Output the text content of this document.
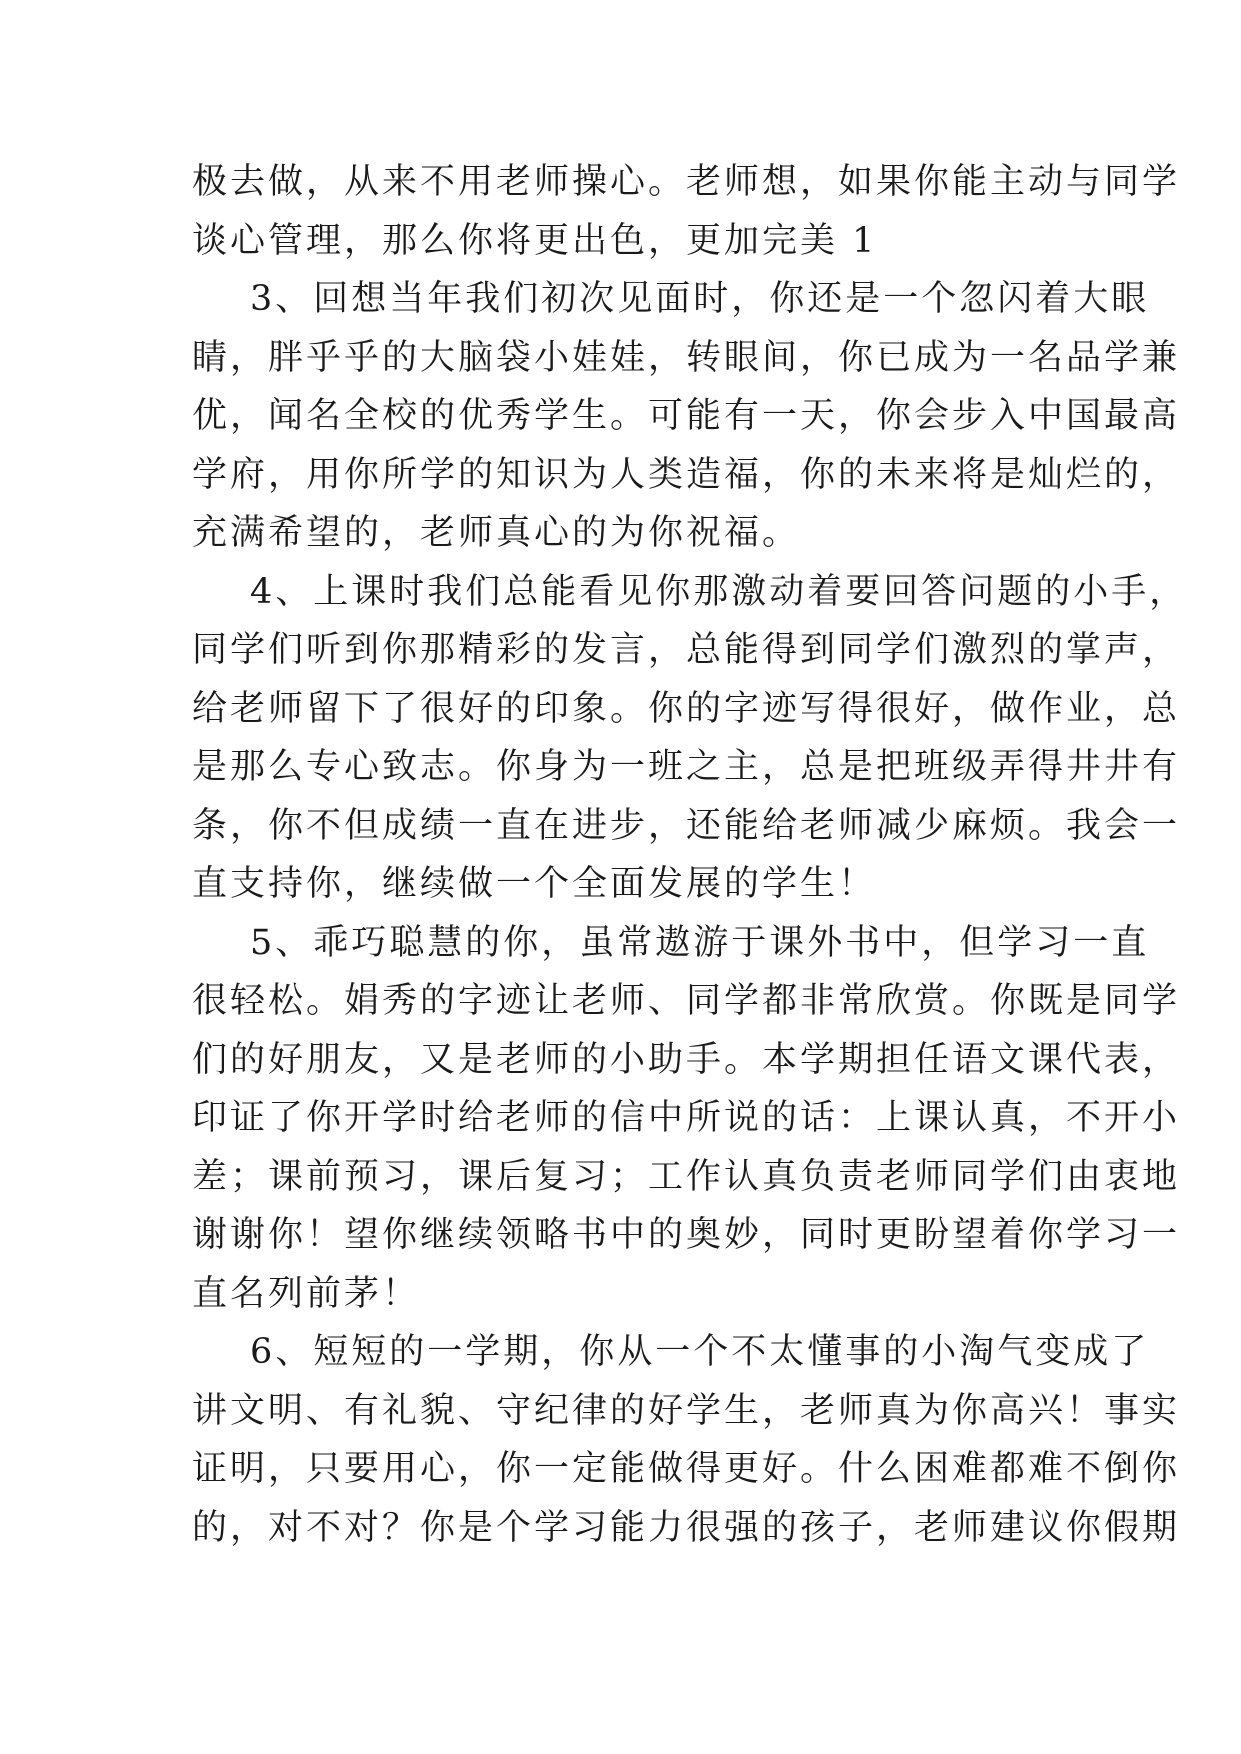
极去做，从来不用老师操心。老师想，如果你能主动与同学
谈心管理，那么你将更出色，更加完美 1
3、回想当年我们初次见面时，你还是一个忽闪着大眼
睛，胖乎乎的大脑袋小娃娃，转眼间，你已成为一名品学兼
优，闻名全校的优秀学生。可能有一天，你会步入中国最高
学府，用你所学的知识为人类造福，你的未来将是灿烂的，
充满希望的，老师真心的为你祝福。
4、上课时我们总能看见你那激动着要回答问题的小手，
同学们听到你那精彩的发言，总能得到同学们激烈的掌声，
给老师留下了很好的印象。你的字迹写得很好，做作业，总
是那么专心致志。你身为一班之主，总是把班级弄得井井有
条，你不但成绩一直在进步，还能给老师减少麻烦。我会一
直支持你，继续做一个全面发展的学生！
5、乖巧聪慧的你，虽常遨游于课外书中，但学习一直
很轻松。娟秀的字迹让老师、同学都非常欣赏。你既是同学
们的好朋友，又是老师的小助手。本学期担任语文课代表，
印证了你开学时给老师的信中所说的话：上课认真，不开小
差；课前预习，课后复习；工作认真负责老师同学们由衷地
谢谢你！望你继续领略书中的奥妙，同时更盼望着你学习一
直名列前茅！
6、短短的一学期，你从一个不太懂事的小淘气变成了
讲文明、有礼貌、守纪律的好学生，老师真为你高兴！事实
证明，只要用心，你一定能做得更好。什么困难都难不倒你
的，对不对？你是个学习能力很强的孩子，老师建议你假期
